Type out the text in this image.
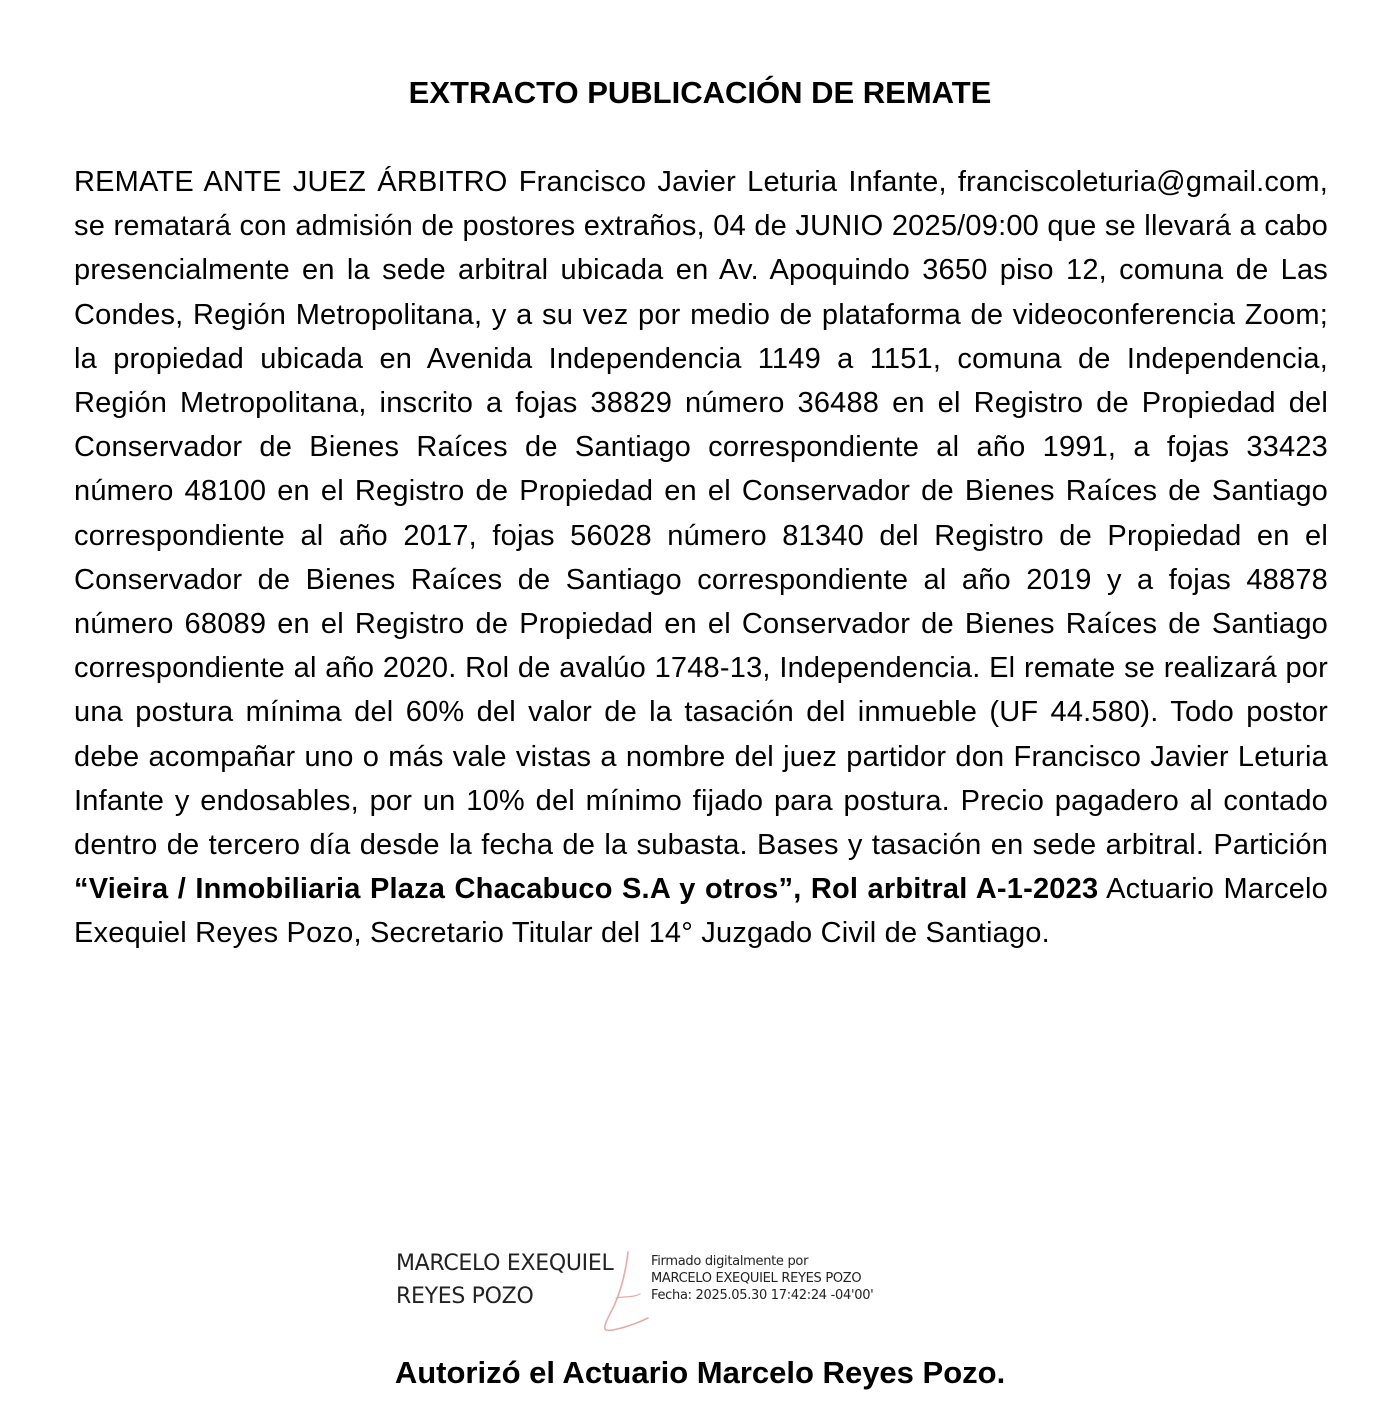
EXTRACTO PUBLICACIÓN DE REMATE
REMATE ANTE JUEZ ÁRBITRO Francisco Javier Leturia Infante, franciscoleturia@gmail.com, se rematará con admisión de postores extraños, 04 de JUNIO 2025/09:00 que se llevará a cabo presencialmente en la sede arbitral ubicada en Av. Apoquindo 3650 piso 12, comuna de Las Condes, Región Metropolitana, y a su vez por medio de plataforma de videoconferencia Zoom; la propiedad ubicada en Avenida Independencia 1149 a 1151, comuna de Independencia, Región Metropolitana, inscrito a fojas 38829 número 36488 en el Registro de Propiedad del Conservador de Bienes Raíces de Santiago correspondiente al año 1991, a fojas 33423 número 48100 en el Registro de Propiedad en el Conservador de Bienes Raíces de Santiago correspondiente al año 2017, fojas 56028 número 81340 del Registro de Propiedad en el Conservador de Bienes Raíces de Santiago correspondiente al año 2019 y a fojas 48878 número 68089 en el Registro de Propiedad en el Conservador de Bienes Raíces de Santiago correspondiente al año 2020. Rol de avalúo 1748-13, Independencia. El remate se realizará por una postura mínima del 60% del valor de la tasación del inmueble (UF 44.580). Todo postor debe acompañar uno o más vale vistas a nombre del juez partidor don Francisco Javier Leturia Infante y endosables, por un 10% del mínimo fijado para postura. Precio pagadero al contado dentro de tercero día desde la fecha de la subasta. Bases y tasación en sede arbitral. Partición “Vieira / Inmobiliaria Plaza Chacabuco S.A y otros”, Rol arbitral A-1-2023 Actuario Marcelo Exequiel Reyes Pozo, Secretario Titular del 14° Juzgado Civil de Santiago.
MARCELO EXEQUIEL
REYES POZO
Firmado digitalmente por
MARCELO EXEQUIEL REYES POZO
Fecha: 2025.05.30 17:42:24 -04'00'
Autorizó el Actuario Marcelo Reyes Pozo.
